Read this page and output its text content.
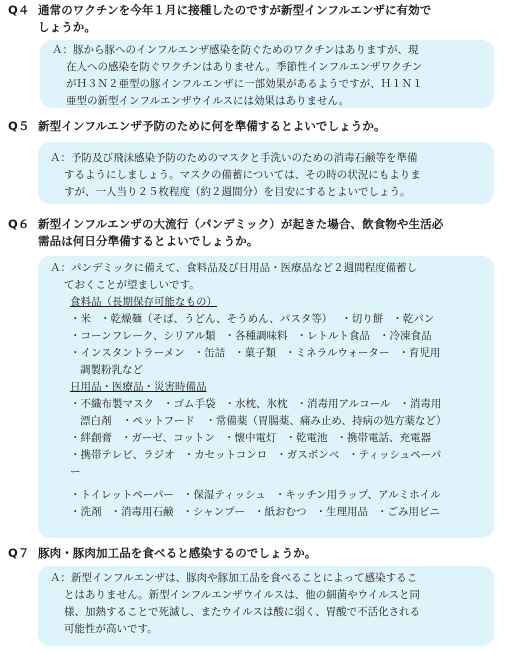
Q４ 通常のワクチンを今年１月に接種したのですが新型インフルエンザに有効で
しょうか。

Ａ：豚から豚へのインフルエンザ感染を防ぐためのワクチンはありますが、現

在人への感染を防ぐワクチンはありません。季節性インフルエンザワクチン

がＨ３Ｎ２亜型の豚インフルエンザに一部効果があるようですが、Ｈ１Ｎ１

亜型の新型インフルエンザウイルスには効果はありません。

Q５ 新型インフルエンザ予防のために何を準備するとよいでしょうか。

Ａ：予防及び飛沫感染予防のためのマスクと手洗いのための消毒石鹸等を準備

するようにしましょう。マスクの備蓄については、その時の状況にもよりま

すが、一人当り２５枚程度（約２週間分）を目安にするとよいでしょう。

Q６ 新型インフルエンザの大流行（パンデミック）が起きた場合、飲食物や生活必
需品は何日分準備するとよいでしょうか。

Ａ：パンデミックに備えて、食料品及び日用品・医療品など２週間程度備蓄し

ておくことが望ましいです。

食料品（長期保存可能なもの）

・米 ・乾燥麺（そば、うどん、そうめん、パスタ等） ・切り餅 ・乾パン
・コーンフレーク、シリアル類 ・各種調味料 ・レトルト食品 ・冷凍食品
・インスタントラーメン ・缶詰 ・菓子類 ・ミネラルウォーター ・育児用
調製粉乳など

日用品・医療品・災害時備品

・不織布製マスク ・ゴム手袋 ・水枕、氷枕 ・消毒用アルコール ・消毒用
漂白剤　・ペットフード　・常備薬（胃腸薬、痛み止め、持病の処方薬など）
・絆創膏 ・ガーゼ、コットン ・懐中電灯 ・乾電池 ・携帯電話、充電器
・携帯テレビ、ラジオ ・カセットコンロ ・ガスボンベ ・ティッシュペーパ
ー
・トイレットペーパー ・保湿ティッシュ ・キッチン用ラップ、アルミホイル
・洗剤 ・消毒用石鹸 ・シャンプー ・紙おむつ ・生理用品 ・ごみ用ビニ
Q７ 豚肉・豚肉加工品を食べると感染するのでしょうか。

Ａ：新型インフルエンザは、豚肉や豚加工品を食べることによって感染するこ

とはありません。新型インフルエンザウイルスは、他の細菌やウイルスと同

様、加熱することで死滅し、またウイルスは酸に弱く、胃酸で不活化される

可能性が高いです。
